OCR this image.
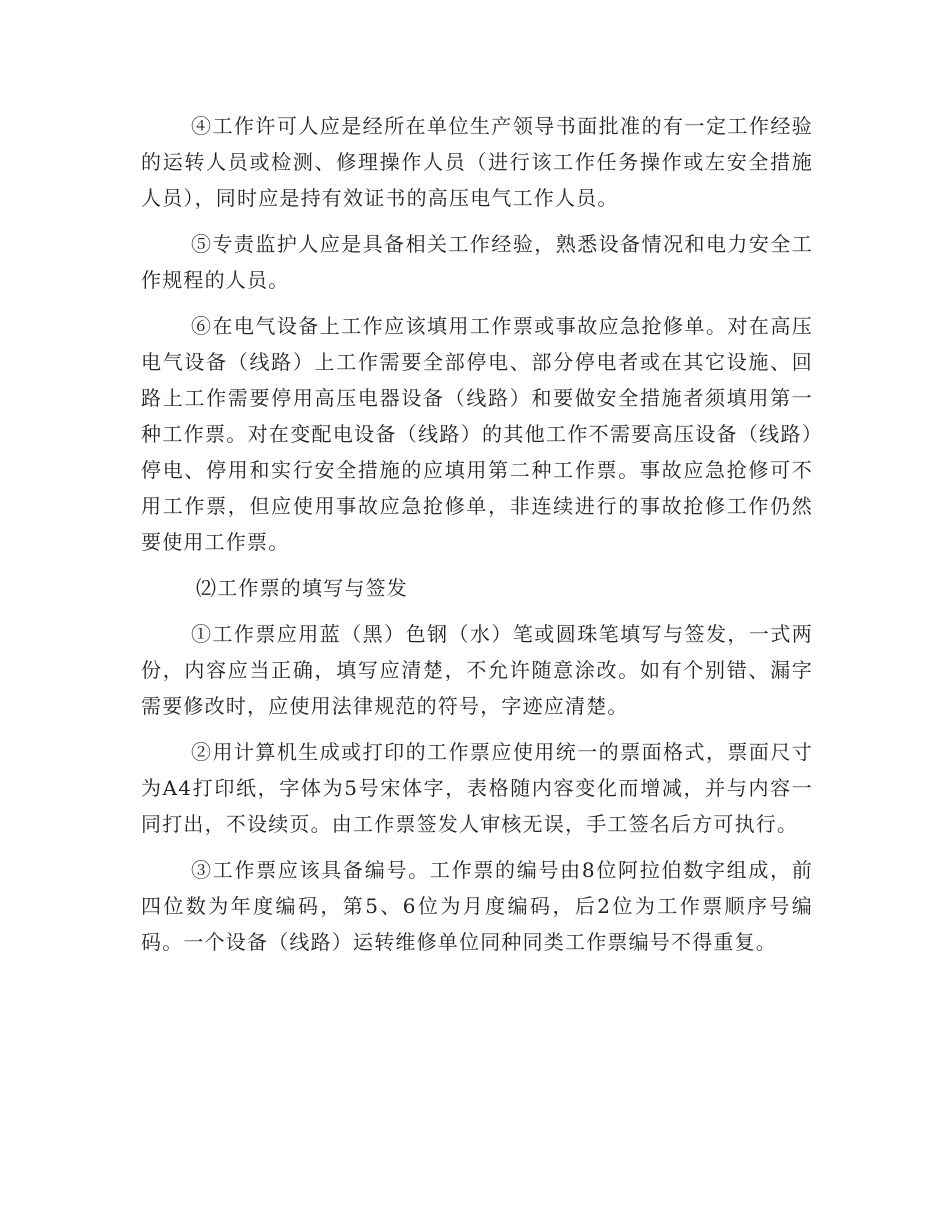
④工作许可人应是经所在单位生产领导书面批准的有一定工作经验的运转人员或检测、修理操作人员（进行该工作任务操作或左安全措施人员），同时应是持有效证书的高压电气工作人员。

⑤专责监护人应是具备相关工作经验，熟悉设备情况和电力安全工作规程的人员。

⑥在电气设备上工作应该填用工作票或事故应急抢修单。对在高压电气设备（线路）上工作需要全部停电、部分停电者或在其它设施、回路上工作需要停用高压电器设备（线路）和要做安全措施者须填用第一种工作票。对在变配电设备（线路）的其他工作不需要高压设备（线路）停电、停用和实行安全措施的应填用第二种工作票。事故应急抢修可不用工作票，但应使用事故应急抢修单，非连续进行的事故抢修工作仍然要使用工作票。

⑵工作票的填写与签发

①工作票应用蓝（黑）色钢（水）笔或圆珠笔填写与签发，一式两份，内容应当正确，填写应清楚，不允许随意涂改。如有个别错、漏字需要修改时，应使用法律规范的符号，字迹应清楚。

②用计算机生成或打印的工作票应使用统一的票面格式，票面尺寸为A4打印纸，字体为5号宋体字，表格随内容变化而增减，并与内容一同打出，不设续页。由工作票签发人审核无误，手工签名后方可执行。

③工作票应该具备编号。工作票的编号由8位阿拉伯数字组成，前四位数为年度编码，第5、6位为月度编码，后2位为工作票顺序号编码。一个设备（线路）运转维修单位同种同类工作票编号不得重复。
